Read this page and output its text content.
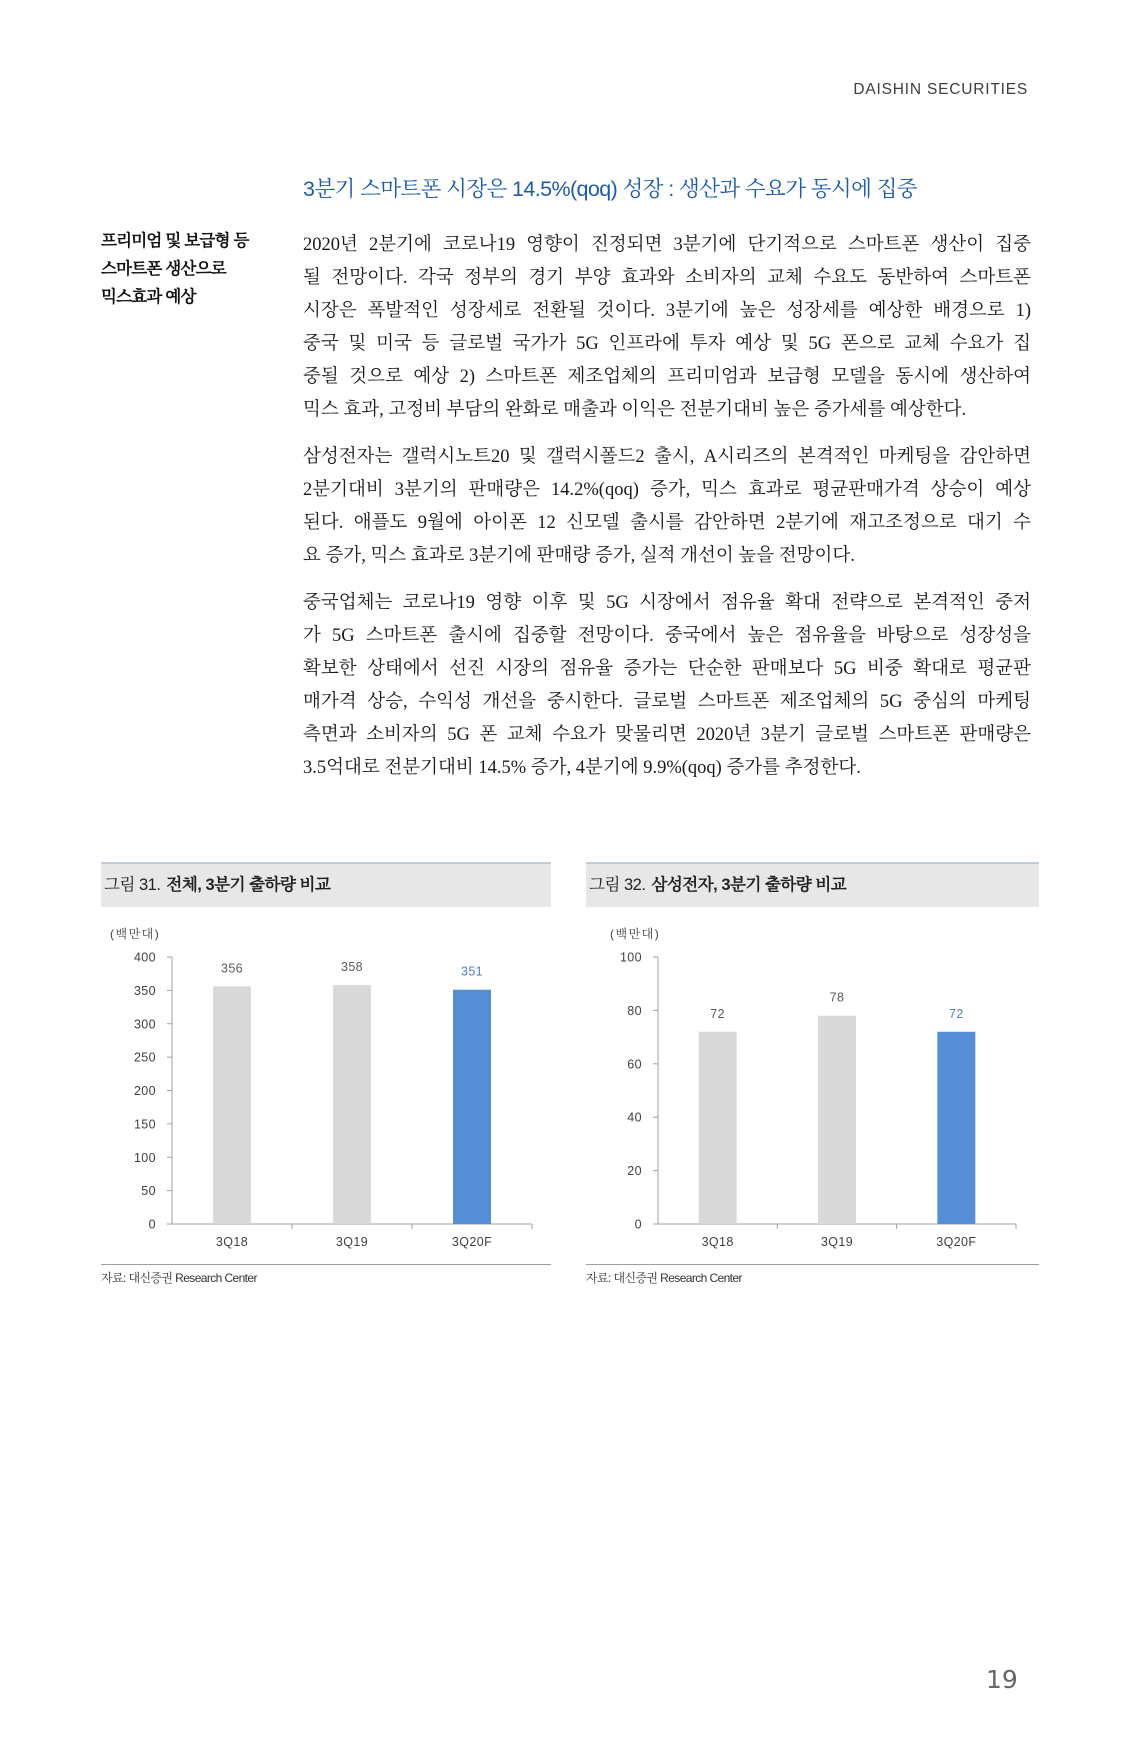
DAISHIN SECURITIES
3분기 스마트폰 시장은 14.5%(qoq) 성장 : 생산과 수요가 동시에 집중
프리미엄 및 보급형 등
스마트폰 생산으로
믹스효과 예상
2020년 2분기에 코로나19 영향이 진정되면 3분기에 단기적으로 스마트폰 생산이 집중
될 전망이다. 각국 정부의 경기 부양 효과와 소비자의 교체 수요도 동반하여 스마트폰
시장은 폭발적인 성장세로 전환될 것이다. 3분기에 높은 성장세를 예상한 배경으로 1)
중국 및 미국 등 글로벌 국가가 5G 인프라에 투자 예상 및 5G 폰으로 교체 수요가 집
중될 것으로 예상 2) 스마트폰 제조업체의 프리미엄과 보급형 모델을 동시에 생산하여
믹스 효과, 고정비 부담의 완화로 매출과 이익은 전분기대비 높은 증가세를 예상한다.
삼성전자는 갤럭시노트20 및 갤럭시폴드2 출시, A시리즈의 본격적인 마케팅을 감안하면
2분기대비 3분기의 판매량은 14.2%(qoq) 증가, 믹스 효과로 평균판매가격 상승이 예상
된다. 애플도 9월에 아이폰 12 신모델 출시를 감안하면 2분기에 재고조정으로 대기 수
요 증가, 믹스 효과로 3분기에 판매량 증가, 실적 개선이 높을 전망이다.
중국업체는 코로나19 영향 이후 및 5G 시장에서 점유율 확대 전략으로 본격적인 중저
가 5G 스마트폰 출시에 집중할 전망이다. 중국에서 높은 점유율을 바탕으로 성장성을
확보한 상태에서 선진 시장의 점유율 증가는 단순한 판매보다 5G 비중 확대로 평균판
매가격 상승, 수익성 개선을 중시한다. 글로벌 스마트폰 제조업체의 5G 중심의 마케팅
측면과 소비자의 5G 폰 교체 수요가 맞물리면 2020년 3분기 글로벌 스마트폰 판매량은
3.5억대로 전분기대비 14.5% 증가, 4분기에 9.9%(qoq) 증가를 추정한다.
그림 31. 전체, 3분기 출하량 비교
(백만대)
0
50
100
150
200
250
300
350
400
356
3Q18
358
3Q19
351
3Q20F
자료: 대신증권 Research Center
그림 32. 삼성전자, 3분기 출하량 비교
(백만대)
0
20
40
60
80
100
72
3Q18
78
3Q19
72
3Q20F
자료: 대신증권 Research Center
19
